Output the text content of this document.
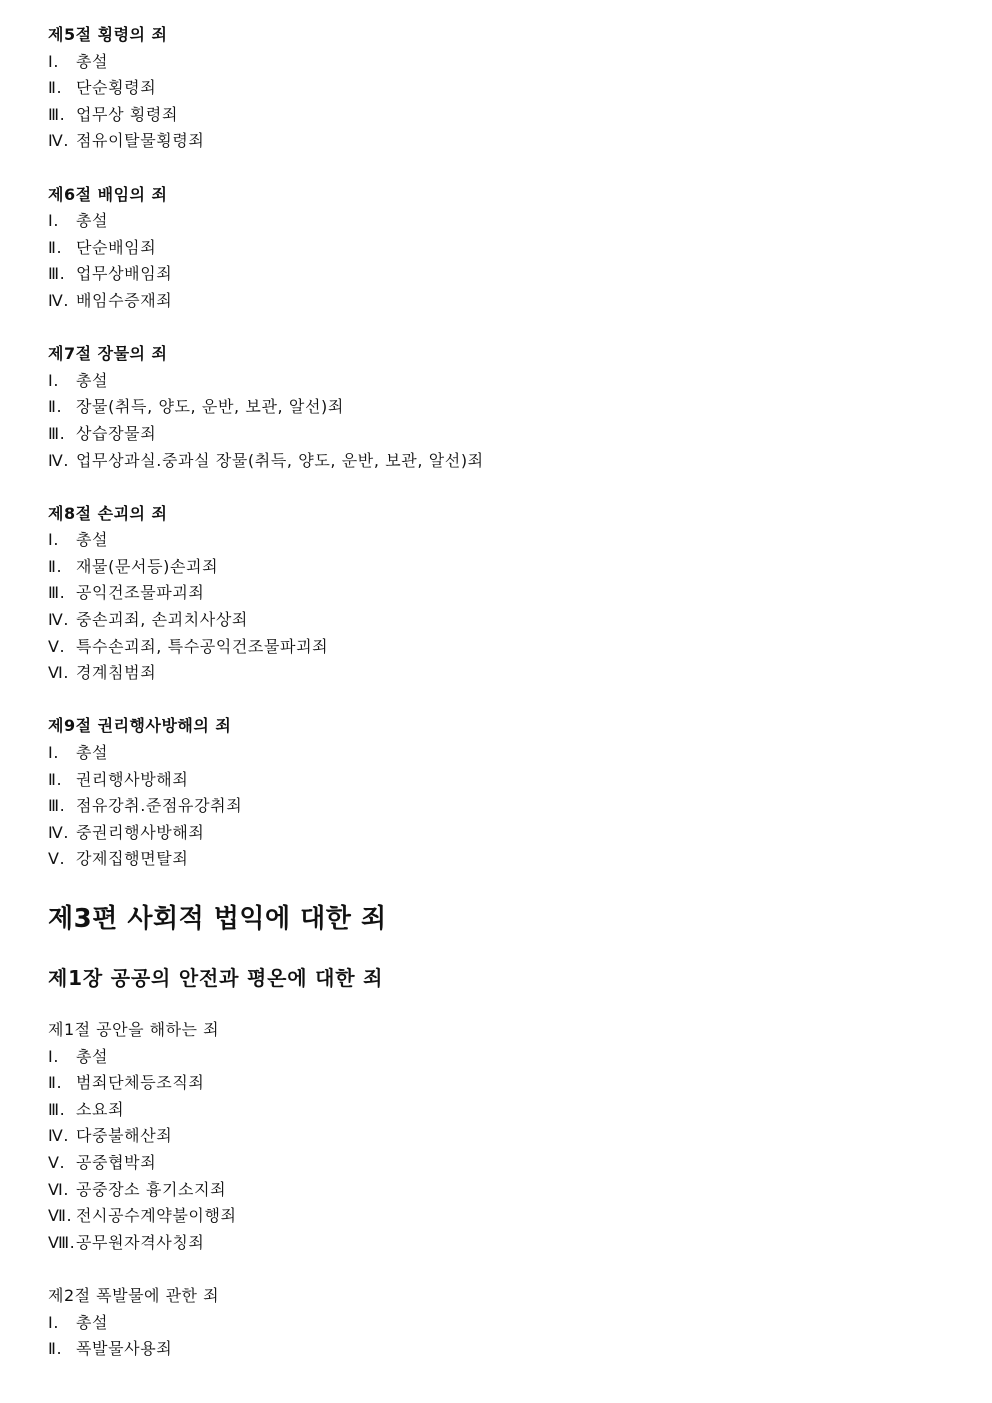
제5절 횡령의 죄
Ⅰ. 총설
Ⅱ. 단순횡령죄
Ⅲ. 업무상 횡령죄
Ⅳ. 점유이탈물횡령죄
제6절 배임의 죄
Ⅰ. 총설
Ⅱ. 단순배임죄
Ⅲ. 업무상배임죄
Ⅳ. 배임수증재죄
제7절 장물의 죄
Ⅰ. 총설
Ⅱ. 장물(취득, 양도, 운반, 보관, 알선)죄
Ⅲ. 상습장물죄
Ⅳ. 업무상과실.중과실 장물(취득, 양도, 운반, 보관, 알선)죄
제8절 손괴의 죄
Ⅰ. 총설
Ⅱ. 재물(문서등)손괴죄
Ⅲ. 공익건조물파괴죄
Ⅳ. 중손괴죄, 손괴치사상죄
Ⅴ. 특수손괴죄, 특수공익건조물파괴죄
Ⅵ. 경계침범죄
제9절 권리행사방해의 죄
Ⅰ. 총설
Ⅱ. 권리행사방해죄
Ⅲ. 점유강취.준점유강취죄
Ⅳ. 중권리행사방해죄
Ⅴ. 강제집행면탈죄
제3편 사회적 법익에 대한 죄
제1장 공공의 안전과 평온에 대한 죄
제1절 공안을 해하는 죄
Ⅰ. 총설
Ⅱ. 범죄단체등조직죄
Ⅲ. 소요죄
Ⅳ. 다중불해산죄
Ⅴ. 공중협박죄
Ⅵ. 공중장소 흉기소지죄
Ⅶ. 전시공수계약불이행죄
Ⅷ.공무원자격사칭죄
제2절 폭발물에 관한 죄
Ⅰ. 총설
Ⅱ. 폭발물사용죄
